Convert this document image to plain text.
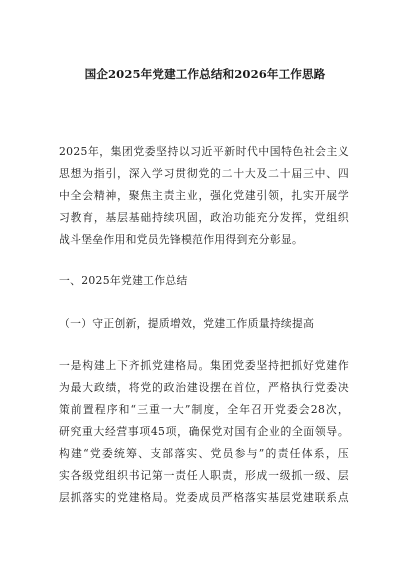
国企2025年党建工作总结和2026年工作思路
2025年，集团党委坚持以习近平新时代中国特色社会主义
思想为指引，深入学习贯彻党的二十大及二十届三中、四
中全会精神，聚焦主责主业，强化党建引领，扎实开展学
习教育，基层基础持续巩固，政治功能充分发挥，党组织
战斗堡垒作用和党员先锋模范作用得到充分彰显。
一、2025年党建工作总结
（一）守正创新，提质增效，党建工作质量持续提高
一是构建上下齐抓党建格局。集团党委坚持把抓好党建作
为最大政绩，将党的政治建设摆在首位，严格执行党委决
策前置程序和“三重一大”制度，全年召开党委会28次，
研究重大经营事项45项，确保党对国有企业的全面领导。
构建“党委统筹、支部落实、党员参与”的责任体系，压
实各级党组织书记第一责任人职责，形成一级抓一级、层
层抓落实的党建格局。党委成员严格落实基层党建联系点
